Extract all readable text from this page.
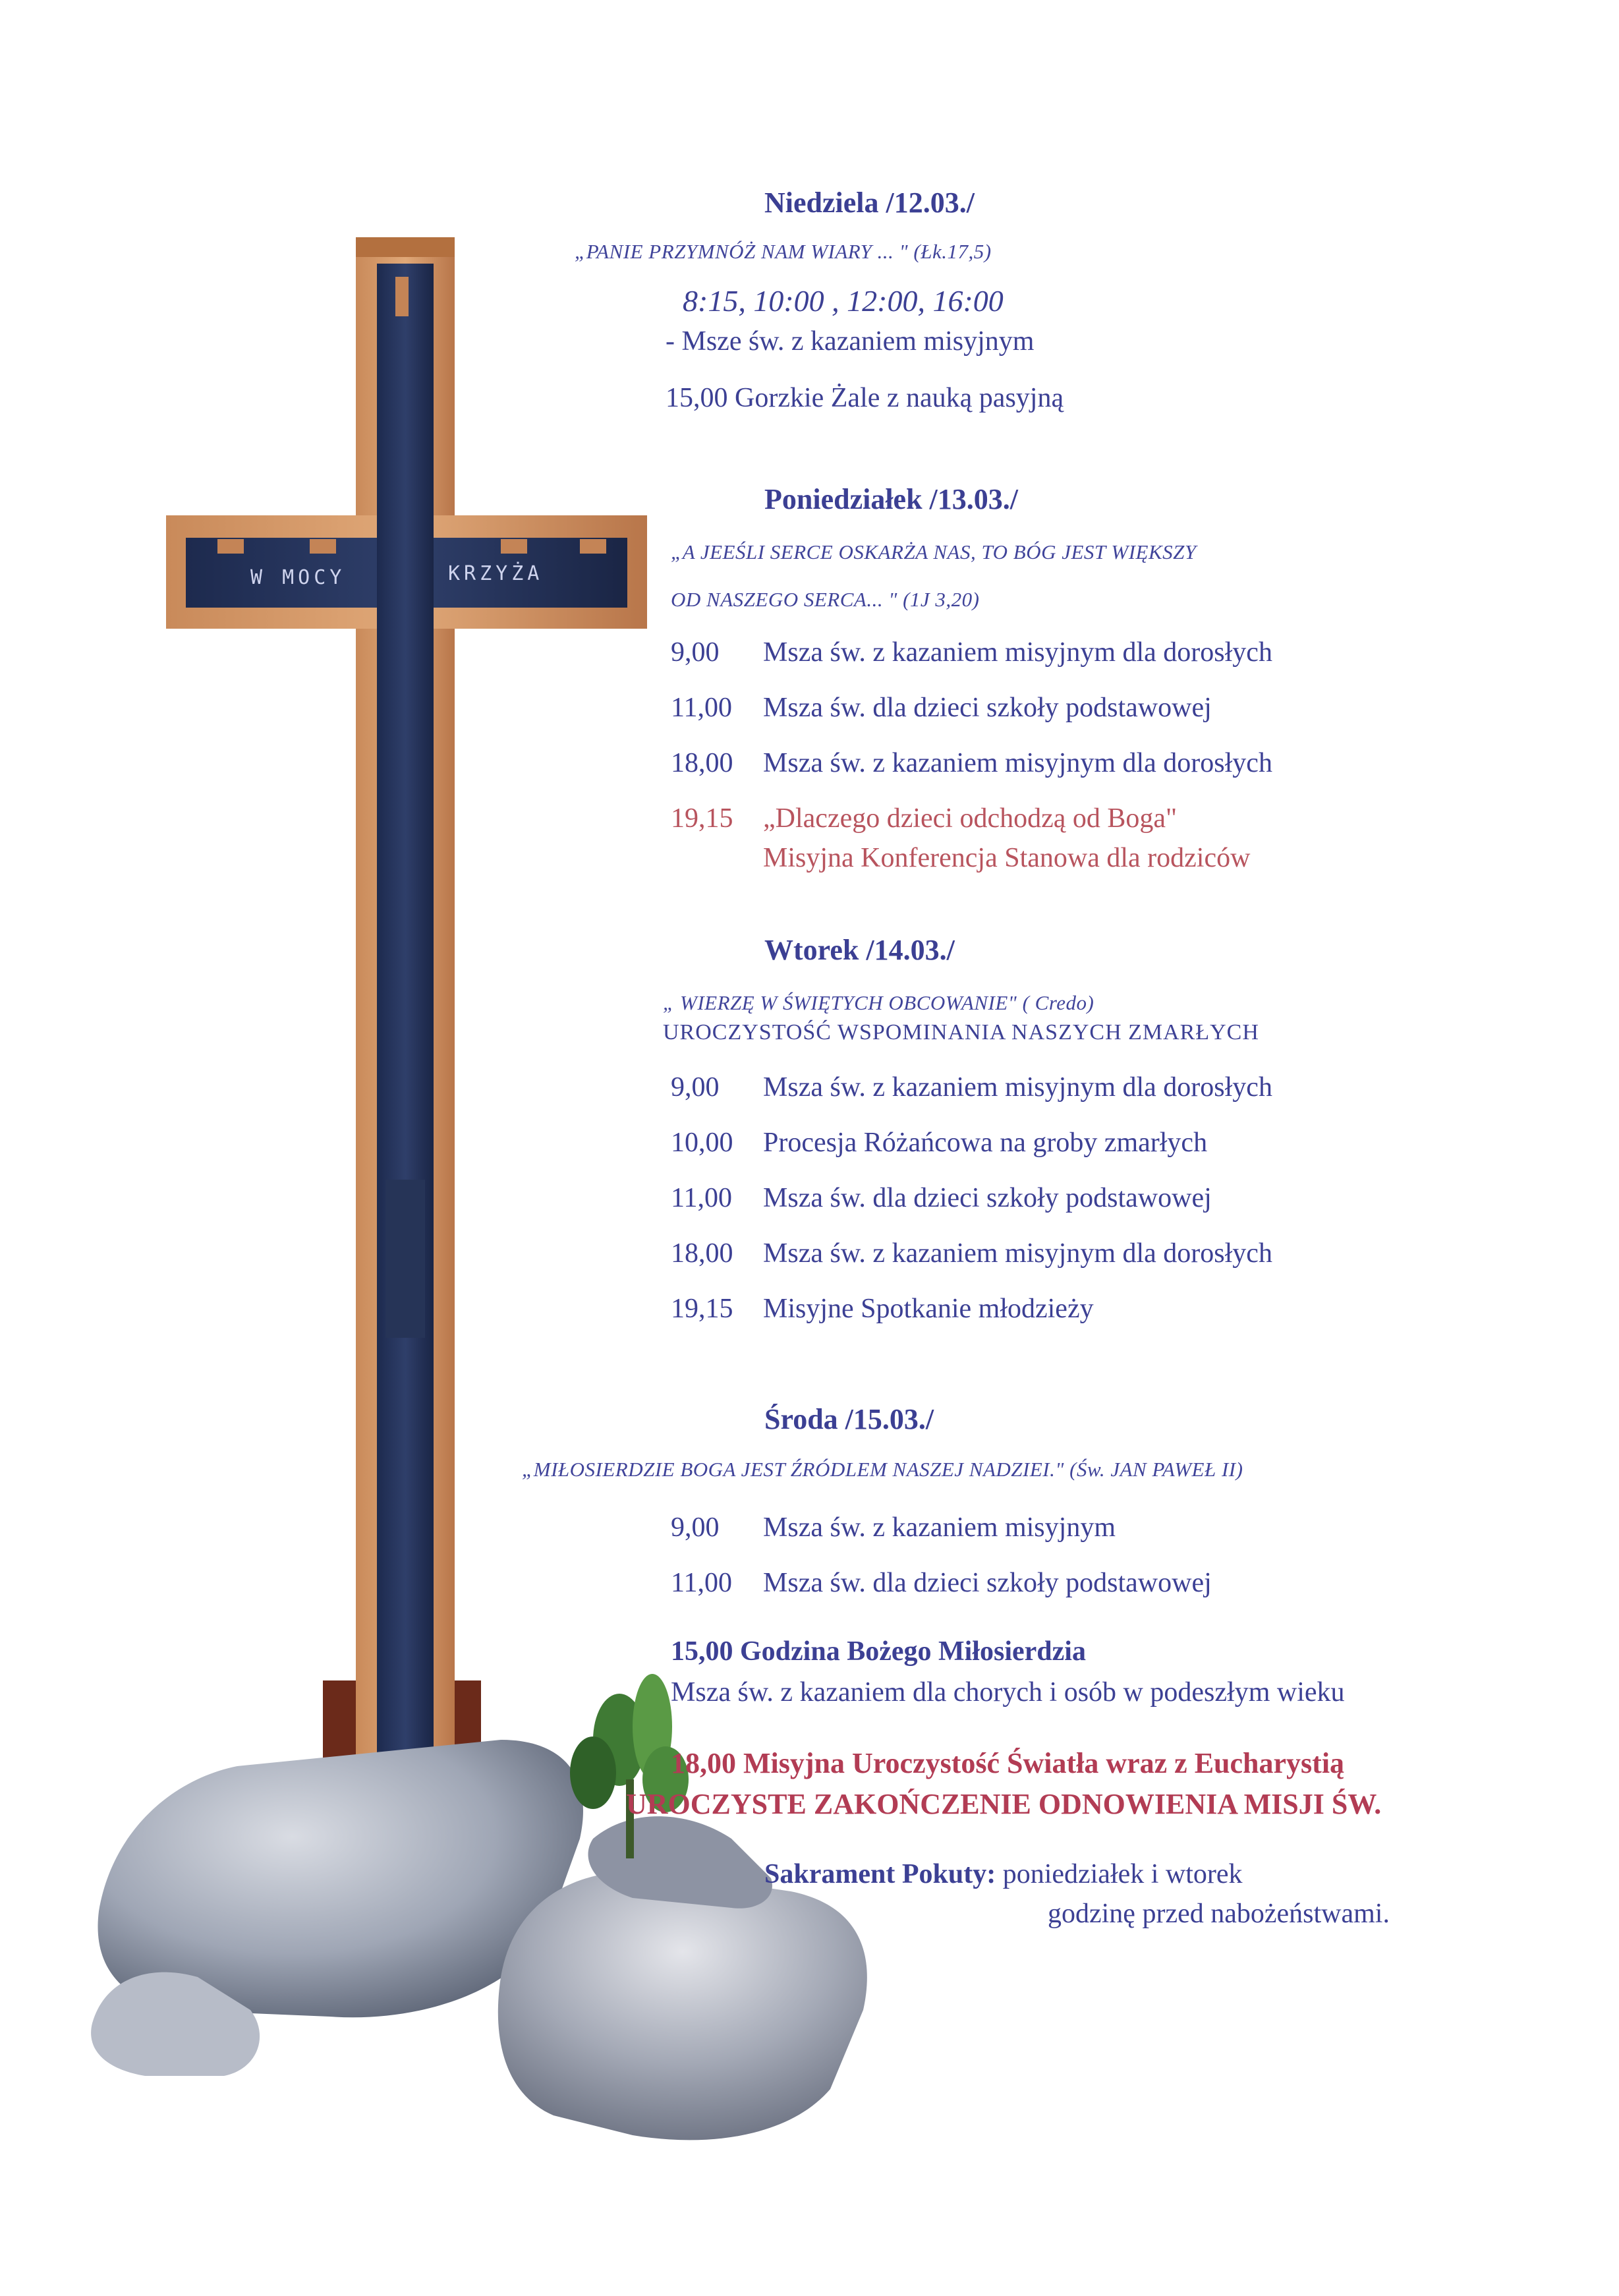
W MOCY	KRZYŻA
Niedziela /12.03./
„PANIE PRZYMNÓŻ NAM WIARY ... " (Łk.17,5)
8:15, 10:00 , 12:00, 16:00
- Msze św. z kazaniem misyjnym
15,00 Gorzkie Żale z nauką pasyjną
Poniedziałek /13.03./
„A JEEŚLI SERCE OSKARŻA NAS, TO BÓG JEST WIĘKSZY
OD NASZEGO SERCA... " (1J 3,20)
9,00 Msza św. z kazaniem misyjnym dla dorosłych
11,00 Msza św. dla dzieci szkoły podstawowej
18,00 Msza św. z kazaniem misyjnym dla dorosłych
19,15 „Dlaczego dzieci odchodzą od Boga"
Misyjna Konferencja Stanowa dla rodziców
Wtorek /14.03./
„ WIERZĘ W ŚWIĘTYCH OBCOWANIE" ( Credo)
UROCZYSTOŚĆ WSPOMINANIA NASZYCH ZMARŁYCH
9,00 Msza św. z kazaniem misyjnym dla dorosłych
10,00 Procesja Różańcowa na groby zmarłych
11,00 Msza św. dla dzieci szkoły podstawowej
18,00 Msza św. z kazaniem misyjnym dla dorosłych
19,15 Misyjne Spotkanie młodzieży
Środa /15.03./
„MIŁOSIERDZIE BOGA JEST ŹRÓDLEM NASZEJ NADZIEI." (Św. JAN PAWEŁ II)
9,00 Msza św. z kazaniem misyjnym
11,00 Msza św. dla dzieci szkoły podstawowej
15,00 Godzina Bożego Miłosierdzia
Msza św. z kazaniem dla chorych i osób w podeszłym wieku
18,00 Misyjna Uroczystość Światła wraz z Eucharystią
UROCZYSTE ZAKOŃCZENIE ODNOWIENIA MISJI ŚW.
Sakrament Pokuty: poniedziałek i wtorek
godzinę przed nabożeństwami.
